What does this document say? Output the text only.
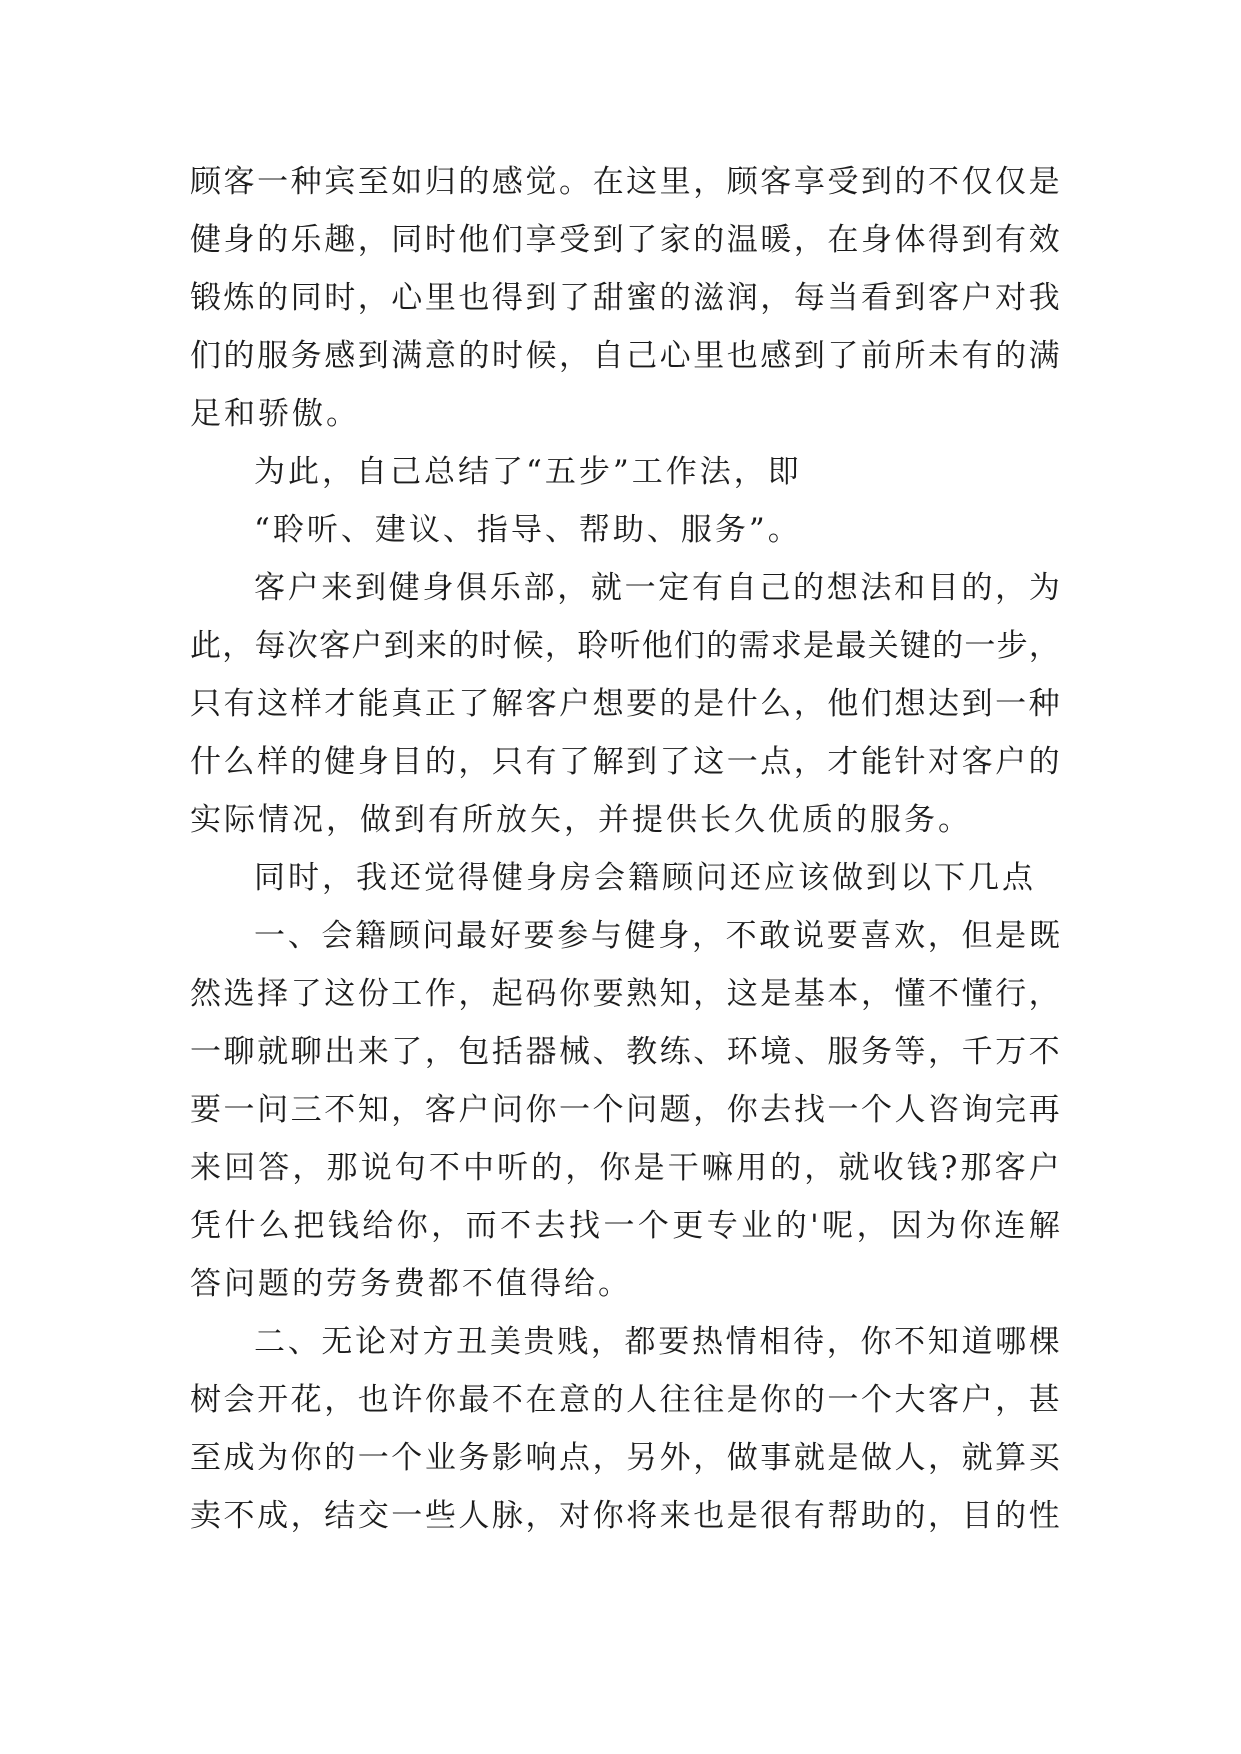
顾 客 一 种 宾 至 如 归 的 感 觉 。 在 这 里 ， 顾 客 享 受 到 的 不 仅 仅 是
健 身 的 乐 趣 ， 同 时 他 们 享 受 到 了 家 的 温 暖 ， 在 身 体 得 到 有 效
锻 炼 的 同 时 ， 心 里 也 得 到 了 甜 蜜 的 滋 润 ， 每 当 看 到 客 户 对 我
们 的 服 务 感 到 满 意 的 时 候 ， 自 己 心 里 也 感 到 了 前 所 未 有 的 满
足和骄傲。
为此，自己总结了“五步”工作法，即
“聆听、建议、指导、帮助、服务”。
客 户 来 到 健 身 俱 乐 部 ， 就 一 定 有 自 己 的 想 法 和 目 的 ， 为
此 ， 每 次 客 户 到 来 的 时 候 ， 聆 听 他 们 的 需 求 是 最 关 键 的 一 步 ，
只 有 这 样 才 能 真 正 了 解 客 户 想 要 的 是 什 么 ， 他 们 想 达 到 一 种
什 么 样 的 健 身 目 的 ， 只 有 了 解 到 了 这 一 点 ， 才 能 针 对 客 户 的
实际情况，做到有所放矢，并提供长久优质的服务。
同时，我还觉得健身房会籍顾问还应该做到以下几点
一 、 会 籍 顾 问 最 好 要 参 与 健 身 ， 不 敢 说 要 喜 欢 ， 但 是 既
然 选 择 了 这 份 工 作 ， 起 码 你 要 熟 知 ， 这 是 基 本 ， 懂 不 懂 行 ，
一 聊 就 聊 出 来 了 ， 包 括 器 械 、 教 练 、 环 境 、 服 务 等 ， 千 万 不
要 一 问 三 不 知 ， 客 户 问 你 一 个 问 题 ， 你 去 找 一 个 人 咨 询 完 再
来 回 答 ， 那 说 句 不 中 听 的 ， 你 是 干 嘛 用 的 ， 就 收 钱 ? 那 客 户
凭 什 么 把 钱 给 你 ， 而 不 去 找 一 个 更 专 业 的 ' 呢 ， 因 为 你 连 解
答问题的劳务费都不值得给。
二 、 无 论 对 方 丑 美 贵 贱 ， 都 要 热 情 相 待 ， 你 不 知 道 哪 棵
树 会 开 花 ， 也 许 你 最 不 在 意 的 人 往 往 是 你 的 一 个 大 客 户 ， 甚
至 成 为 你 的 一 个 业 务 影 响 点 ， 另 外 ， 做 事 就 是 做 人 ， 就 算 买
卖 不 成 ， 结 交 一 些 人 脉 ， 对 你 将 来 也 是 很 有 帮 助 的 ， 目 的 性
